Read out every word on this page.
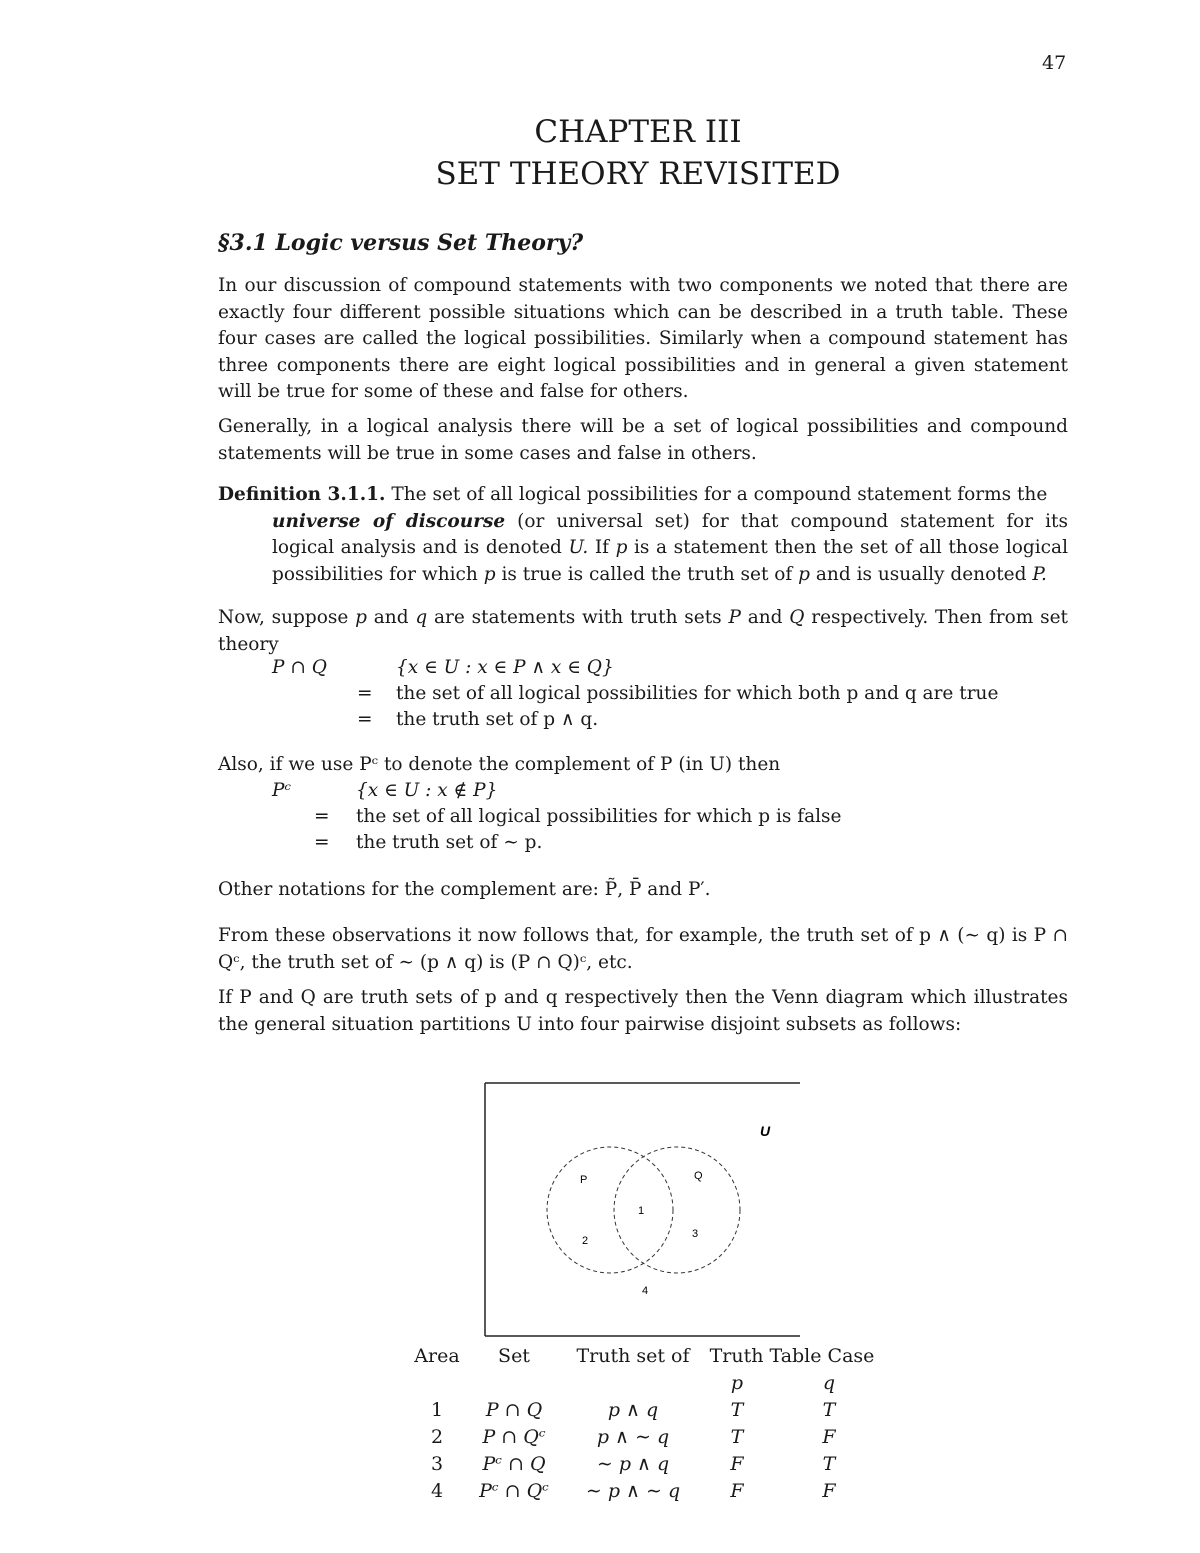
47
CHAPTER III
SET THEORY REVISITED
§3.1 Logic versus Set Theory?
In our discussion of compound statements with two components we noted that there are exactly four different possible situations which can be described in a truth table. These four cases are called the logical possibilities. Similarly when a compound statement has three components there are eight logical possibilities and in general a given statement will be true for some of these and false for others.
Generally, in a logical analysis there will be a set of logical possibilities and compound statements will be true in some cases and false in others.
Definition 3.1.1. The set of all logical possibilities for a compound statement forms the
universe of discourse (or universal set) for that compound statement for its logical analysis and is denoted U. If p is a statement then the set of all those logical possibilities for which p is true is called the truth set of p and is usually denoted P.
Now, suppose p and q are statements with truth sets P and Q respectively. Then from set theory
P ∩ Q	{x ∈ U : x ∈ P ∧ x ∈ Q}
= the set of all logical possibilities for which both p and q are true
= the truth set of p ∧ q.
Also, if we use Pᶜ to denote the complement of P (in U) then
Pᶜ	{x ∈ U : x ∉ P}
= the set of all logical possibilities for which p is false
= the truth set of ∼ p.
Other notations for the complement are: P̃, P̄ and P′.
From these observations it now follows that, for example, the truth set of p ∧ (∼ q) is P ∩ Qᶜ, the truth set of ∼ (p ∧ q) is (P ∩ Q)ᶜ, etc.
If P and Q are truth sets of p and q respectively then the Venn diagram which illustrates the general situation partitions U into four pairwise disjoint subsets as follows:
U
P	Q
1
2
3
4
Area	Set	Truth set of	Truth Table Case	
			p	q
1	P ∩ Q	p ∧ q	T	T
2	P ∩ Qᶜ	p ∧ ∼ q	T	F
3	Pᶜ ∩ Q	∼ p ∧ q	F	T
4	Pᶜ ∩ Qᶜ	∼ p ∧ ∼ q	F	F
